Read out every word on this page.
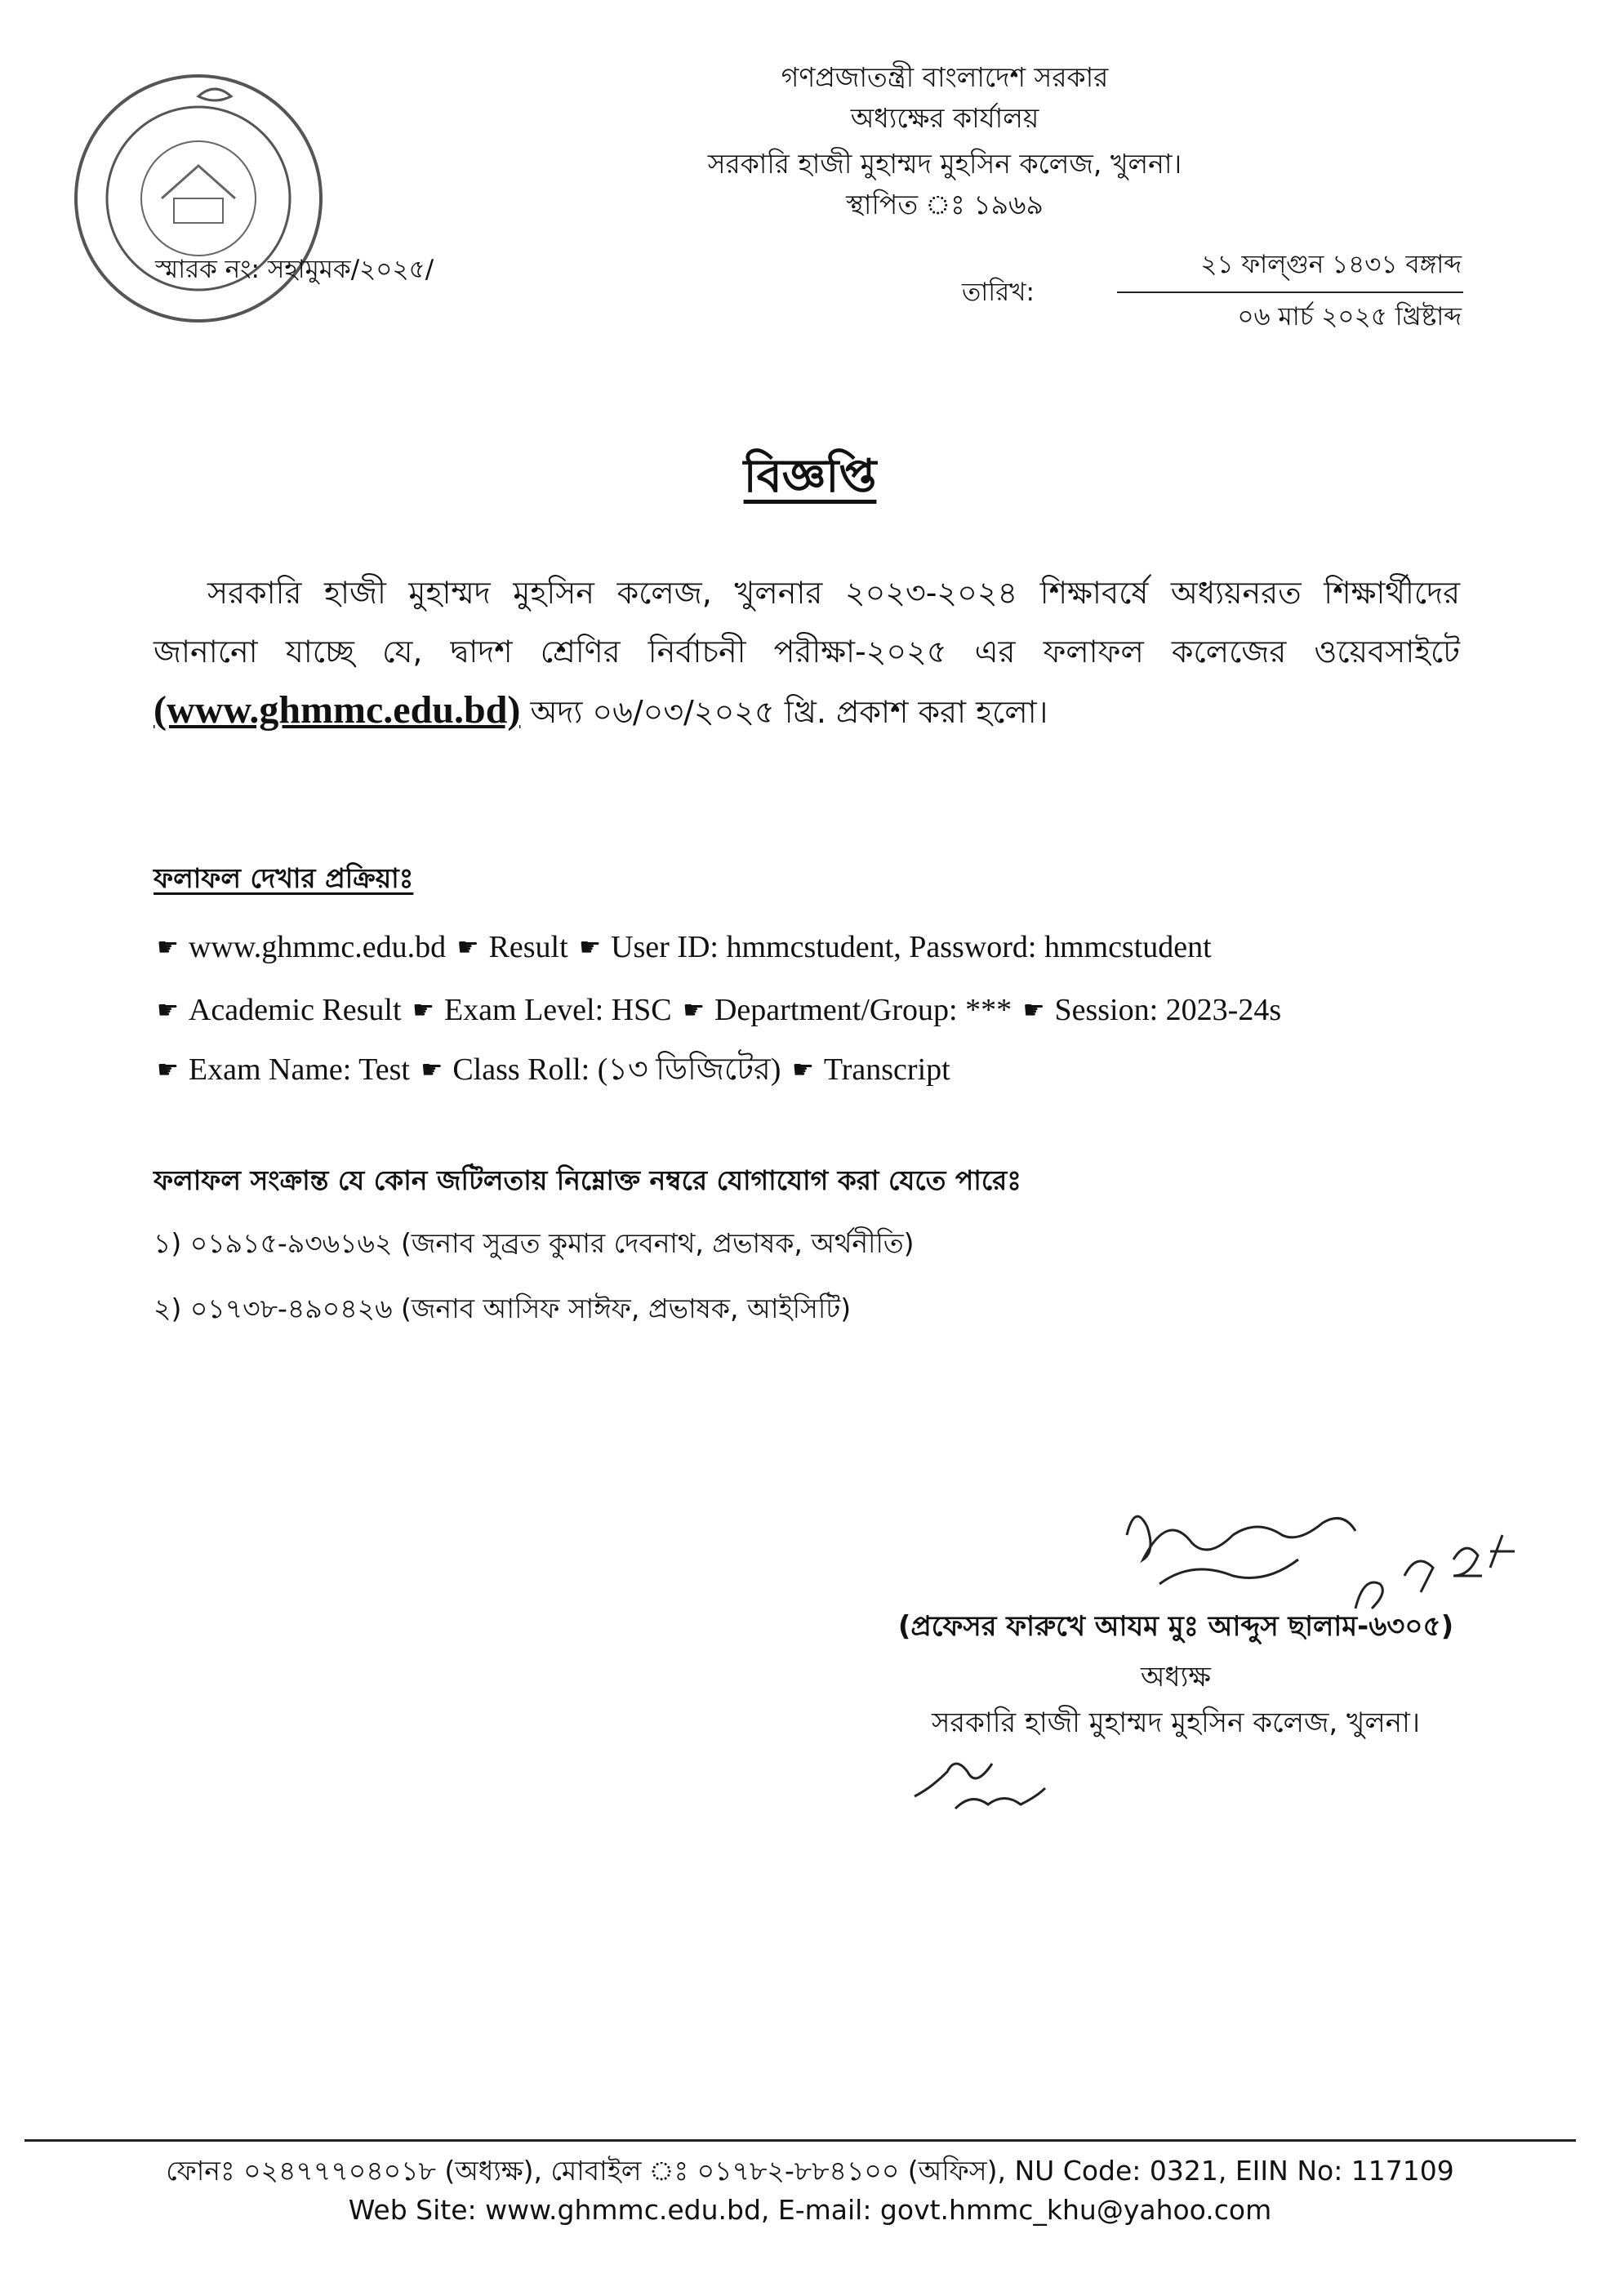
গণপ্রজাতন্ত্রী বাংলাদেশ সরকার
অধ্যক্ষের কার্যালয়
সরকারি হাজী মুহাম্মদ মুহসিন কলেজ, খুলনা।
স্থাপিত ঃ ১৯৬৯
স্মারক নং: সহামুমক/২০২৫/
তারিখ:
২১ ফাল্গুন ১৪৩১ বঙ্গাব্দ
০৬ মার্চ ২০২৫ খ্রিষ্টাব্দ
বিজ্ঞপ্তি
সরকারি হাজী মুহাম্মদ মুহসিন কলেজ, খুলনার ২০২৩-২০২৪ শিক্ষাবর্ষে অধ্যয়নরত শিক্ষার্থীদের জানানো যাচ্ছে যে, দ্বাদশ শ্রেণির নির্বাচনী পরীক্ষা-২০২৫ এর ফলাফল কলেজের ওয়েবসাইটে (www.ghmmc.edu.bd) অদ্য ০৬/০৩/২০২৫ খ্রি. প্রকাশ করা হলো।
ফলাফল দেখার প্রক্রিয়াঃ
☛ www.ghmmc.edu.bd ☛ Result ☛ User ID: hmmcstudent, Password: hmmcstudent
☛ Academic Result ☛ Exam Level: HSC ☛ Department/Group: *** ☛ Session: 2023-24s
☛ Exam Name: Test ☛ Class Roll: (১৩ ডিজিটের) ☛ Transcript
ফলাফল সংক্রান্ত যে কোন জটিলতায় নিম্নোক্ত নম্বরে যোগাযোগ করা যেতে পারেঃ
১) ০১৯১৫-৯৩৬১৬২ (জনাব সুব্রত কুমার দেবনাথ, প্রভাষক, অর্থনীতি)
২) ০১৭৩৮-৪৯০৪২৬ (জনাব আসিফ সাঈফ, প্রভাষক, আইসিটি)
(প্রফেসর ফারুখে আযম মুঃ আব্দুস ছালাম-৬৩০৫)
অধ্যক্ষ
সরকারি হাজী মুহাম্মদ মুহসিন কলেজ, খুলনা।
ফোনঃ ০২৪৭৭৭০৪০১৮ (অধ্যক্ষ), মোবাইল ঃ ০১৭৮২-৮৮৪১০০ (অফিস), NU Code: 0321, EIIN No: 117109
Web Site: www.ghmmc.edu.bd, E-mail: govt.hmmc_khu@yahoo.com
